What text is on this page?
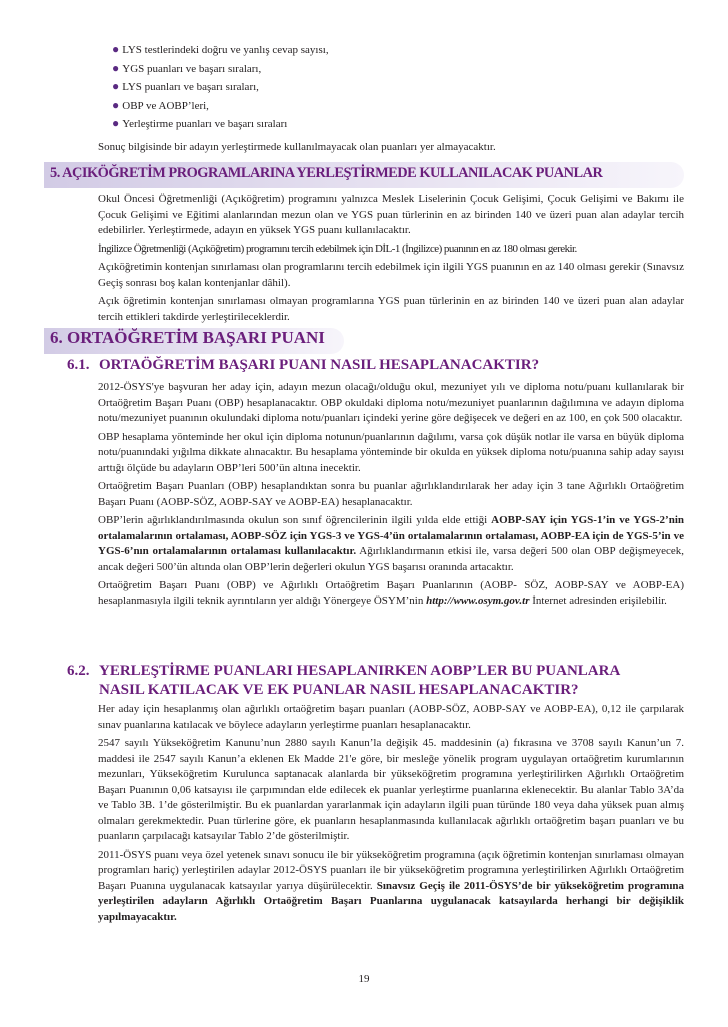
● LYS testlerindeki doğru ve yanlış cevap sayısı,
● YGS puanları ve başarı sıraları,
● LYS puanları ve başarı sıraları,
● OBP ve AOBP’leri,
● Yerleştirme puanları ve başarı sıraları

Sonuç bilgisinde bir adayın yerleştirmede kullanılmayacak olan puanları yer almayacaktır.

5. AÇIKÖĞRETİM PROGRAMLARINA YERLEŞTİRMEDE KULLANILACAK PUANLAR

Okul Öncesi Öğretmenliği (Açıköğretim) programını yalnızca Meslek Liselerinin Çocuk Gelişimi, Çocuk Gelişimi ve Bakımı ile Çocuk Gelişimi ve Eğitimi alanlarından mezun olan ve YGS puan türlerinin en az birinden 140 ve üzeri puan alan adaylar tercih edebilirler. Yerleştirmede, adayın en yüksek YGS puanı kullanılacaktır.

İngilizce Öğretmenliği (Açıköğretim) programını tercih edebilmek için DİL-1 (İngilizce) puanının en az 180 olması gerekir.

Açıköğretimin kontenjan sınırlaması olan programlarını tercih edebilmek için ilgili YGS puanının en az 140 olması gerekir (Sınavsız Geçiş sonrası boş kalan kontenjanlar dâhil).

Açık öğretimin kontenjan sınırlaması olmayan programlarına YGS puan türlerinin en az birinden 140 ve üzeri puan alan adaylar tercih ettikleri takdirde yerleştirileceklerdir.

6. ORTAÖĞRETİM BAŞARI PUANI
6.1. ORTAÖĞRETİM BAŞARI PUANI NASIL HESAPLANACAKTIR?

2012-ÖSYS'ye başvuran her aday için, adayın mezun olacağı/olduğu okul, mezuniyet yılı ve diploma notu/puanı kullanılarak bir Ortaöğretim Başarı Puanı (OBP) hesaplanacaktır. OBP okuldaki diploma notu/mezuniyet puanlarının dağılımına ve adayın diploma notu/mezuniyet puanının okulundaki diploma notu/puanları içindeki yerine göre değişecek ve değeri en az 100, en çok 500 olacaktır.

OBP hesaplama yönteminde her okul için diploma notunun/puanlarının dağılımı, varsa çok düşük notlar ile varsa en büyük diploma notu/puanındaki yığılma dikkate alınacaktır. Bu hesaplama yönteminde bir okulda en yüksek diploma notu/puanına sahip aday sayısı arttığı ölçüde bu adayların OBP’leri 500’ün altına inecektir.

Ortaöğretim Başarı Puanları (OBP) hesaplandıktan sonra bu puanlar ağırlıklandırılarak her aday için 3 tane Ağırlıklı Ortaöğretim Başarı Puanı (AOBP-SÖZ, AOBP-SAY ve AOBP-EA) hesaplanacaktır.

OBP’lerin ağırlıklandırılmasında okulun son sınıf öğrencilerinin ilgili yılda elde ettiği AOBP-SAY için YGS-1’in ve YGS-2’nin ortalamalarının ortalaması, AOBP-SÖZ için YGS-3 ve YGS-4’ün ortalamalarının ortalaması, AOBP-EA için de YGS-5’in ve YGS-6’nın ortalamalarının ortalaması kullanılacaktır. Ağırlıklandırmanın etkisi ile, varsa değeri 500 olan OBP değişmeyecek, ancak değeri 500’ün altında olan OBP’lerin değerleri okulun YGS başarısı oranında artacaktır.

Ortaöğretim Başarı Puanı (OBP) ve Ağırlıklı Ortaöğretim Başarı Puanlarının (AOBP- SÖZ, AOBP-SAY ve AOBP-EA) hesaplanmasıyla ilgili teknik ayrıntıların yer aldığı Yönergeye ÖSYM’nin http://www.osym.gov.tr İnternet adresinden erişilebilir.

6.2. YERLEŞTİRME PUANLARI HESAPLANIRKEN AOBP’LER BU PUANLARA
NASIL KATILACAK VE EK PUANLAR NASIL HESAPLANACAKTIR?

Her aday için hesaplanmış olan ağırlıklı ortaöğretim başarı puanları (AOBP-SÖZ, AOBP-SAY ve AOBP-EA), 0,12 ile çarpılarak sınav puanlarına katılacak ve böylece adayların yerleştirme puanları hesaplanacaktır.

2547 sayılı Yükseköğretim Kanunu’nun 2880 sayılı Kanun’la değişik 45. maddesinin (a) fıkrasına ve 3708 sayılı Kanun’un 7. maddesi ile 2547 sayılı Kanun’a eklenen Ek Madde 21'e göre, bir mesleğe yönelik program uygulayan ortaöğretim kurumlarının mezunları, Yükseköğretim Kurulunca saptanacak alanlarda bir yükseköğretim programına yerleştirilirken Ağırlıklı Ortaöğretim Başarı Puanının 0,06 katsayısı ile çarpımından elde edilecek ek puanlar yerleştirme puanlarına eklenecektir. Bu alanlar Tablo 3A’da ve Tablo 3B. 1’de gösterilmiştir. Bu ek puanlardan yararlanmak için adayların ilgili puan türünde 180 veya daha yüksek puan almış olmaları gerekmektedir. Puan türlerine göre, ek puanların hesaplanmasında kullanılacak ağırlıklı ortaöğretim başarı puanları ve bu puanların çarpılacağı katsayılar Tablo 2’de gösterilmiştir.

2011-ÖSYS puanı veya özel yetenek sınavı sonucu ile bir yükseköğretim programına (açık öğretimin kontenjan sınırlaması olmayan programları hariç) yerleştirilen adaylar 2012-ÖSYS puanları ile bir yükseköğretim programına yerleştirilirken Ağırlıklı Ortaöğretim Başarı Puanına uygulanacak katsayılar yarıya düşürülecektir. Sınavsız Geçiş ile 2011-ÖSYS’de bir yükseköğretim programına yerleştirilen adayların Ağırlıklı Ortaöğretim Başarı Puanlarına uygulanacak katsayılarda herhangi bir değişiklik yapılmayacaktır.

19
